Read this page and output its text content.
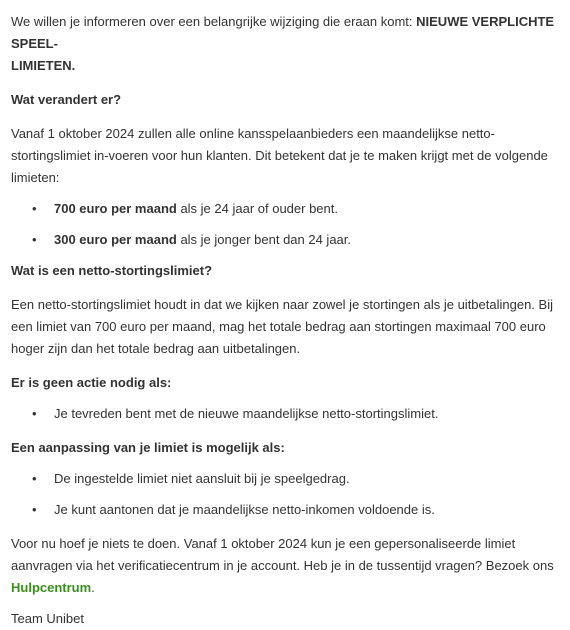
We willen je informeren over een belangrijke wijziging die eraan komt: NIEUWE VERPLICHTE SPEEL-
LIMIETEN.

Wat verandert er?

Vanaf 1 oktober 2024 zullen alle online kansspelaanbieders een maandelijkse netto-stortingslimiet in-voeren voor hun klanten. Dit betekent dat je te maken krijgt met de volgende limieten:

• 700 euro per maand als je 24 jaar of ouder bent.
• 300 euro per maand als je jonger bent dan 24 jaar.

Wat is een netto-stortingslimiet?

Een netto-stortingslimiet houdt in dat we kijken naar zowel je stortingen als je uitbetalingen. Bij een limiet van 700 euro per maand, mag het totale bedrag aan stortingen maximaal 700 euro hoger zijn dan het totale bedrag aan uitbetalingen.

Er is geen actie nodig als:

• Je tevreden bent met de nieuwe maandelijkse netto-stortingslimiet.

Een aanpassing van je limiet is mogelijk als:

• De ingestelde limiet niet aansluit bij je speelgedrag.
• Je kunt aantonen dat je maandelijkse netto-inkomen voldoende is.

Voor nu hoef je niets te doen. Vanaf 1 oktober 2024 kun je een gepersonaliseerde limiet aanvragen via het verificatiecentrum in je account. Heb je in de tussentijd vragen? Bezoek ons Hulpcentrum.

Team Unibet
